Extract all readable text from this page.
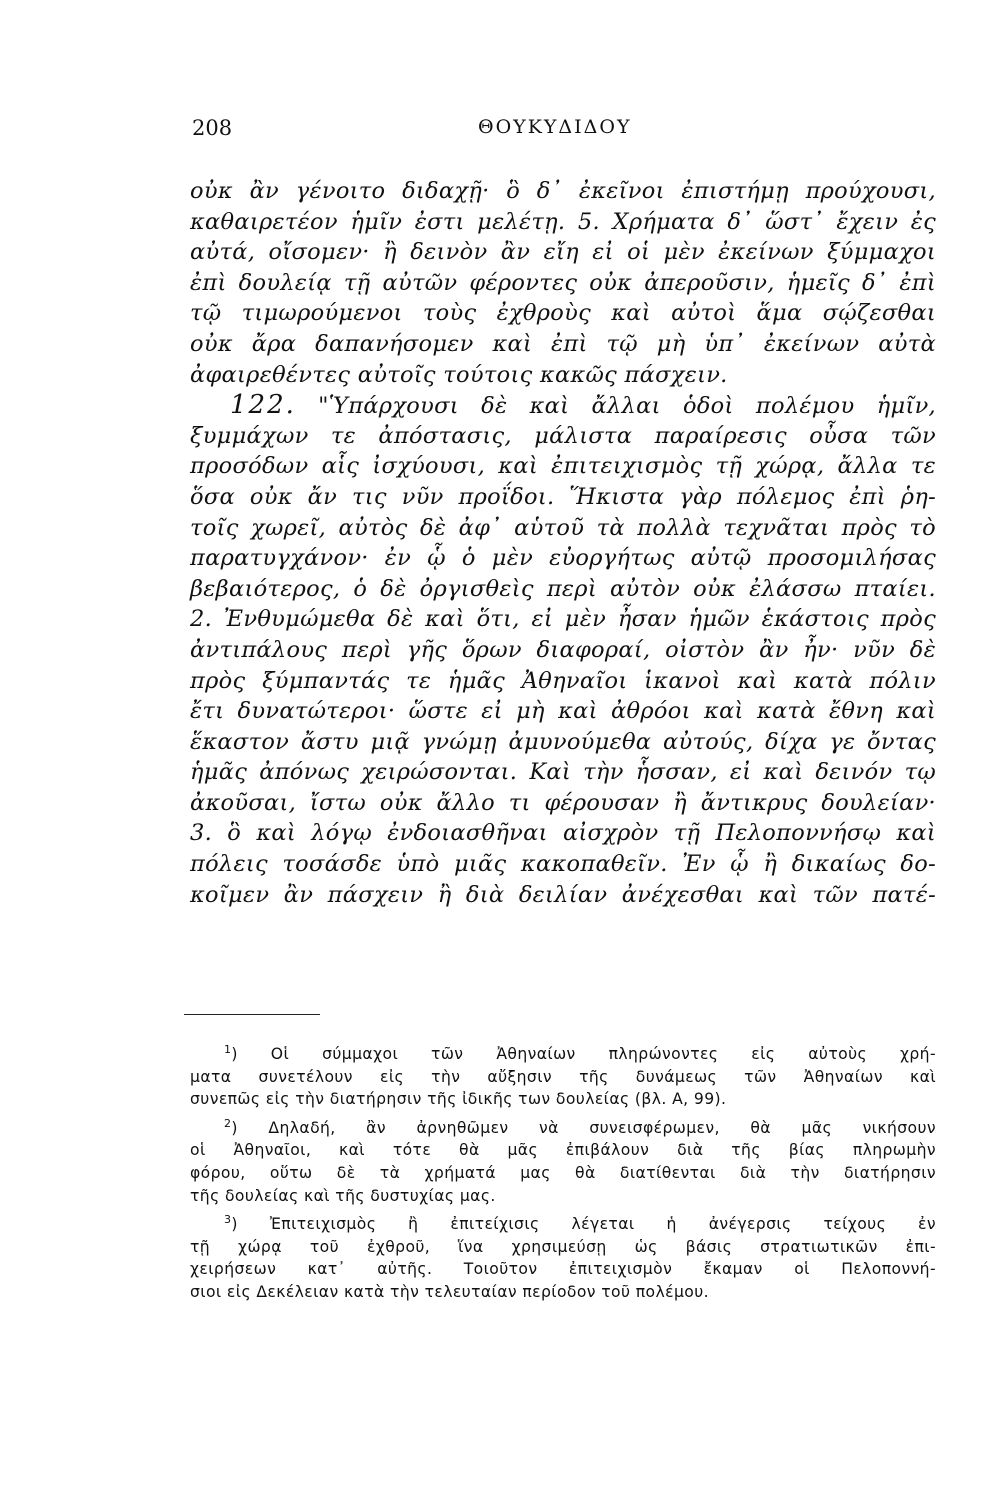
208	ΘΟΥΚΥΔΙΔΟΥ
οὐκ ἂν γένοιτο διδαχῇ· ὃ δ᾽ ἐκεῖνοι ἐπιστήμῃ προύχουσι,
καθαιρετέον ἡμῖν ἐστι μελέτῃ. 5. Χρήματα δ᾽ ὥστ᾽ ἔχειν ἐς
αὐτά, οἴσομεν· ἢ δεινὸν ἂν εἴη εἰ οἱ μὲν ἐκείνων ξύμμαχοι
ἐπὶ δουλείᾳ τῇ αὐτῶν φέροντες οὐκ ἀπεροῦσιν, ἡμεῖς δ᾽ ἐπὶ
τῷ τιμωρούμενοι τοὺς ἐχθροὺς καὶ αὐτοὶ ἅμα σῴζεσθαι
οὐκ ἄρα δαπανήσομεν καὶ ἐπὶ τῷ μὴ ὑπ᾽ ἐκείνων αὐτὰ
ἀφαιρεθέντες αὐτοῖς τούτοις κακῶς πάσχειν.
122. "Ὑπάρχουσι δὲ καὶ ἄλλαι ὁδοὶ πολέμου ἡμῖν,
ξυμμάχων τε ἀπόστασις, μάλιστα παραίρεσις οὖσα τῶν
προσόδων αἷς ἰσχύουσι, καὶ ἐπιτειχισμὸς τῇ χώρᾳ, ἄλλα τε
ὅσα οὐκ ἄν τις νῦν προΐδοι. Ἥκιστα γὰρ πόλεμος ἐπὶ ῥη-
τοῖς χωρεῖ, αὐτὸς δὲ ἀφ᾽ αὑτοῦ τὰ πολλὰ τεχνᾶται πρὸς τὸ
παρατυγχάνον· ἐν ᾧ ὁ μὲν εὐοργήτως αὐτῷ προσομιλήσας
βεβαιότερος, ὁ δὲ ὀργισθεὶς περὶ αὐτὸν οὐκ ἐλάσσω πταίει.
2. Ἐνθυμώμεθα δὲ καὶ ὅτι, εἰ μὲν ἦσαν ἡμῶν ἑκάστοις πρὸς
ἀντιπάλους περὶ γῆς ὅρων διαφοραί, οἰστὸν ἂν ἦν· νῦν δὲ
πρὸς ξύμπαντάς τε ἡμᾶς Ἀθηναῖοι ἱκανοὶ καὶ κατὰ πόλιν
ἔτι δυνατώτεροι· ὥστε εἰ μὴ καὶ ἀθρόοι καὶ κατὰ ἔθνη καὶ
ἕκαστον ἄστυ μιᾷ γνώμῃ ἀμυνούμεθα αὐτούς, δίχα γε ὄντας
ἡμᾶς ἀπόνως χειρώσονται. Καὶ τὴν ἧσσαν, εἰ καὶ δεινόν τῳ
ἀκοῦσαι, ἴστω οὐκ ἄλλο τι φέρουσαν ἢ ἄντικρυς δουλείαν·
3. ὃ καὶ λόγῳ ἐνδοιασθῆναι αἰσχρὸν τῇ Πελοποννήσῳ καὶ
πόλεις τοσάσδε ὑπὸ μιᾶς κακοπαθεῖν. Ἐν ᾧ ἢ δικαίως δο-
κοῖμεν ἂν πάσχειν ἢ διὰ δειλίαν ἀνέχεσθαι καὶ τῶν πατέ-
$^1$) Οἱ σύμμαχοι τῶν Ἀθηναίων πληρώνοντες εἰς αὐτοὺς χρή-
ματα συνετέλουν εἰς τὴν αὔξησιν τῆς δυνάμεως τῶν Ἀθηναίων καὶ
συνεπῶς εἰς τὴν διατήρησιν τῆς ἰδικῆς των δουλείας (βλ. Α, 99).
$^2$) Δηλαδή, ἂν ἀρνηθῶμεν νὰ συνεισφέρωμεν, θὰ μᾶς νικήσουν
οἱ Ἀθηναῖοι, καὶ τότε θὰ μᾶς ἐπιβάλουν διὰ τῆς βίας πληρωμὴν
φόρου, οὕτω δὲ τὰ χρήματά μας θὰ διατίθενται διὰ τὴν διατήρησιν
τῆς δουλείας καὶ τῆς δυστυχίας μας.
$^3$) Ἐπιτειχισμὸς ἢ ἐπιτείχισις λέγεται ἡ ἀνέγερσις τείχους ἐν
τῇ χώρᾳ τοῦ ἐχθροῦ, ἵνα χρησιμεύσῃ ὡς βάσις στρατιωτικῶν ἐπι-
χειρήσεων κατ᾽ αὐτῆς. Τοιοῦτον ἐπιτειχισμὸν ἔκαμαν οἱ Πελοποννή-
σιοι εἰς Δεκέλειαν κατὰ τὴν τελευταίαν περίοδον τοῦ πολέμου.
